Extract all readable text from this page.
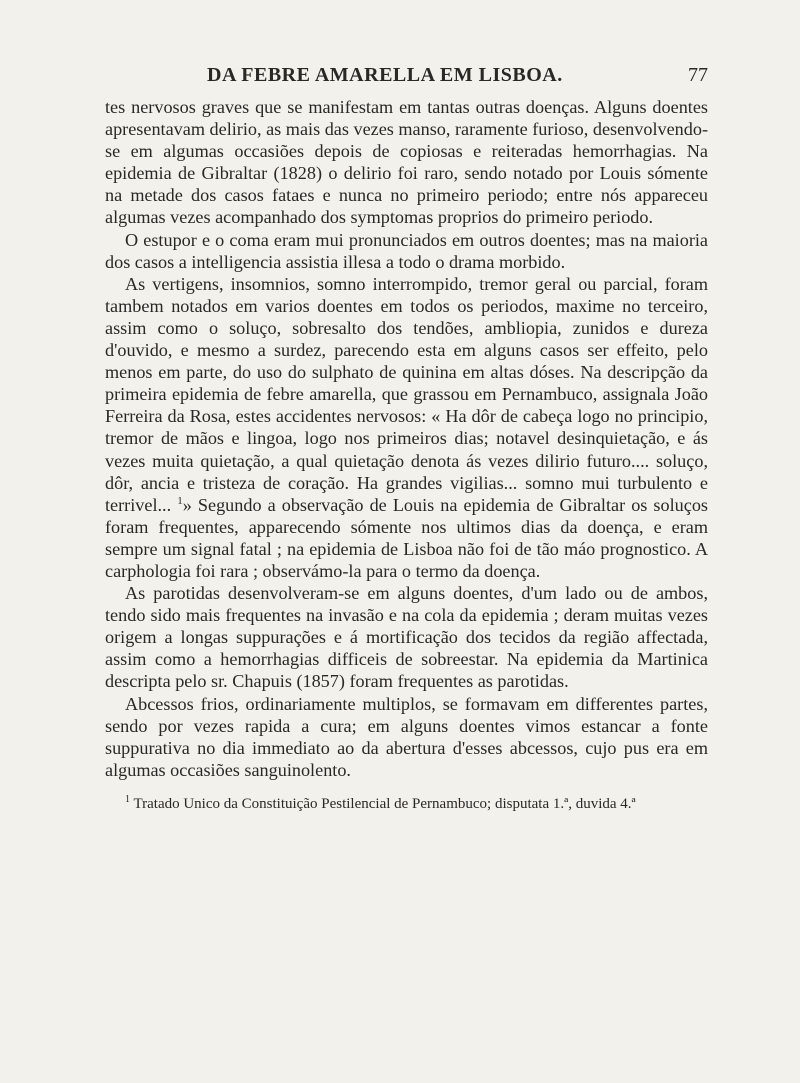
DA FEBRE AMARELLA EM LISBOA.	77

tes nervosos graves que se manifestam em tantas outras doenças. Alguns doentes apresentavam delirio, as mais das vezes manso, raramente furioso, desenvolvendo-se em algumas occasiões depois de copiosas e reiteradas hemorrhagias. Na epidemia de Gibraltar (1828) o delirio foi raro, sendo notado por Louis sómente na metade dos casos fataes e nunca no primeiro periodo; entre nós appareceu algumas vezes acompanhado dos symptomas proprios do primeiro periodo.

O estupor e o coma eram mui pronunciados em outros doentes; mas na maioria dos casos a intelligencia assistia illesa a todo o drama morbido.

As vertigens, insomnios, somno interrompido, tremor geral ou parcial, foram tambem notados em varios doentes em todos os periodos, maxime no terceiro, assim como o soluço, sobresalto dos tendões, ambliopia, zunidos e dureza d'ouvido, e mesmo a surdez, parecendo esta em alguns casos ser effeito, pelo menos em parte, do uso do sulphato de quinina em altas dóses. Na descripção da primeira epidemia de febre amarella, que grassou em Pernambuco, assignala João Ferreira da Rosa, estes accidentes nervosos: « Ha dôr de cabeça logo no principio, tremor de mãos e lingoa, logo nos primeiros dias; notavel desinquietação, e ás vezes muita quietação, a qual quietação denota ás vezes dilirio futuro.... soluço, dôr, ancia e tristeza de coração. Ha grandes vigilias... somno mui turbulento e terrivel... $^1$» Segundo a observação de Louis na epidemia de Gibraltar os soluços foram frequentes, apparecendo sómente nos ultimos dias da doença, e eram sempre um signal fatal ; na epidemia de Lisboa não foi de tão máo prognostico. A carphologia foi rara ; observámo-la para o termo da doença.

As parotidas desenvolveram-se em alguns doentes, d'um lado ou de ambos, tendo sido mais frequentes na invasão e na cola da epidemia ; deram muitas vezes origem a longas suppurações e á mortificação dos tecidos da região affectada, assim como a hemorrhagias difficeis de sobreestar. Na epidemia da Martinica descripta pelo sr. Chapuis (1857) foram frequentes as parotidas.

Abcessos frios, ordinariamente multiplos, se formavam em differentes partes, sendo por vezes rapida a cura; em alguns doentes vimos estancar a fonte suppurativa no dia immediato ao da abertura d'esses abcessos, cujo pus era em algumas occasiões sanguinolento.

$^1$ Tratado Unico da Constituição Pestilencial de Pernambuco; disputata 1.ª, duvida 4.ª
